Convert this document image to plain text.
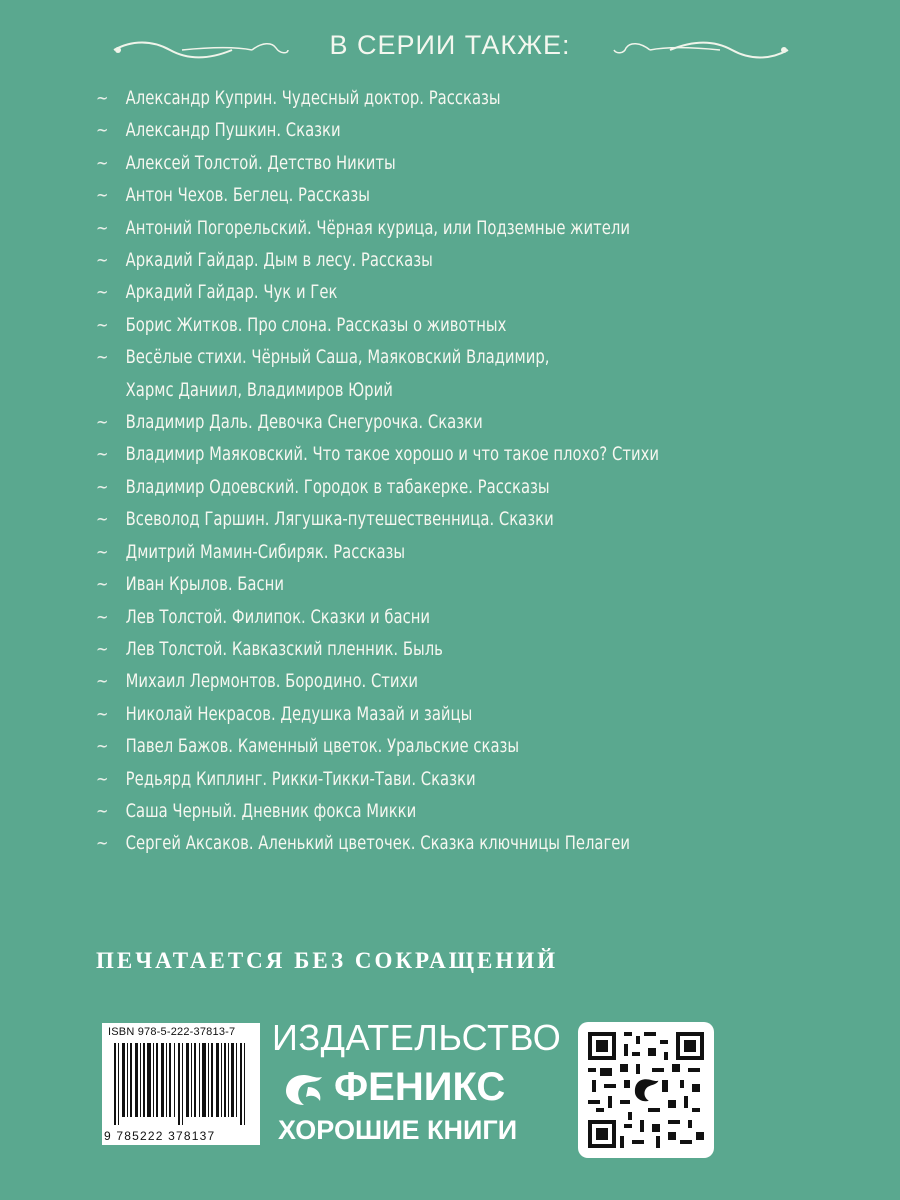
В СЕРИИ ТАКЖЕ:
~ Александр Куприн. Чудесный доктор. Рассказы
~ Александр Пушкин. Сказки
~ Алексей Толстой. Детство Никиты
~ Антон Чехов. Беглец. Рассказы
~ Антоний Погорельский. Чёрная курица, или Подземные жители
~ Аркадий Гайдар. Дым в лесу. Рассказы
~ Аркадий Гайдар. Чук и Гек
~ Борис Житков. Про слона. Рассказы о животных
~ Весёлые стихи. Чёрный Саша, Маяковский Владимир,
Хармс Даниил, Владимиров Юрий
~ Владимир Даль. Девочка Снегурочка. Сказки
~ Владимир Маяковский. Что такое хорошо и что такое плохо? Стихи
~ Владимир Одоевский. Городок в табакерке. Рассказы
~ Всеволод Гаршин. Лягушка-путешественница. Сказки
~ Дмитрий Мамин-Сибиряк. Рассказы
~ Иван Крылов. Басни
~ Лев Толстой. Филипок. Сказки и басни
~ Лев Толстой. Кавказский пленник. Быль
~ Михаил Лермонтов. Бородино. Стихи
~ Николай Некрасов. Дедушка Мазай и зайцы
~ Павел Бажов. Каменный цветок. Уральские сказы
~ Редьярд Киплинг. Рикки-Тикки-Тави. Сказки
~ Саша Черный. Дневник фокса Микки
~ Сергей Аксаков. Аленький цветочек. Сказка ключницы Пелагеи
ПЕЧАТАЕТСЯ БЕЗ СОКРАЩЕНИЙ
ISBN 978-5-222-37813-7
9 785222 378137
ИЗДАТЕЛЬСТВО
ФЕНИКС
ХОРОШИЕ КНИГИ
